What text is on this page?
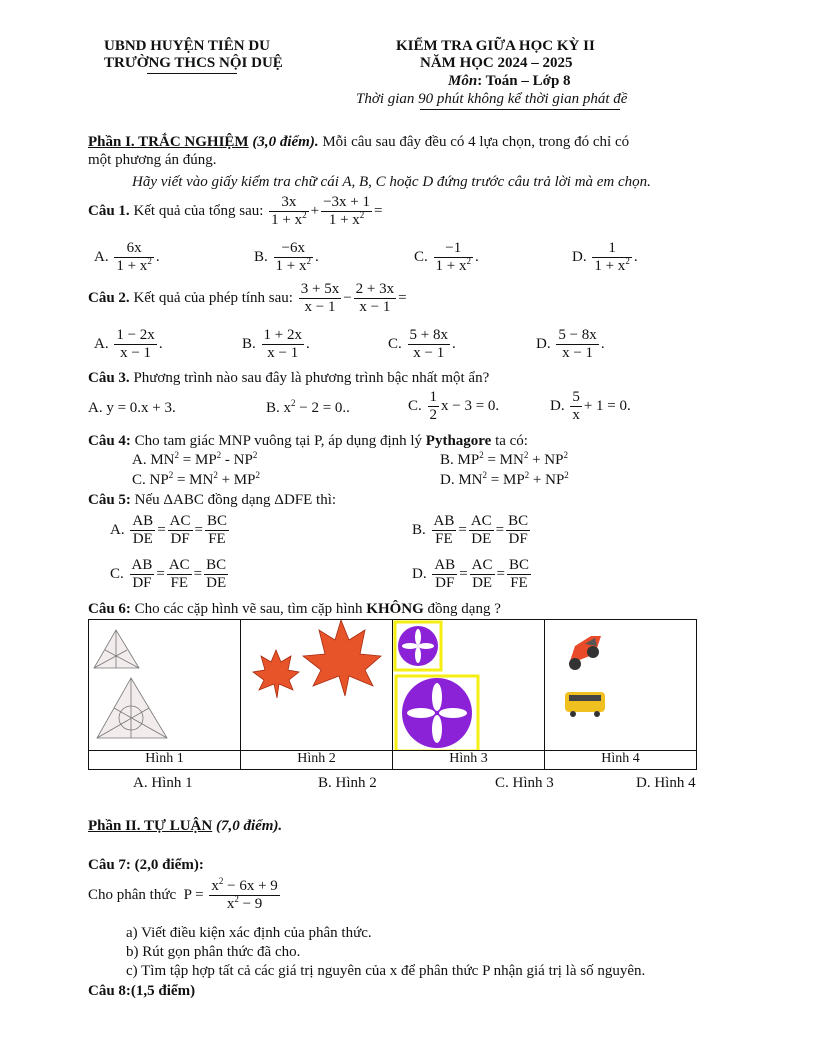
UBND HUYỆN TIÊN DU
TRƯỜNG THCS NỘI DUỆ
KIỂM TRA GIỮA HỌC KỲ II
NĂM HỌC 2024 – 2025
Môn: Toán – Lớp 8
Thời gian 90 phút không kể thời gian phát đề
Phần I. TRẮC NGHIỆM (3,0 điểm). Mỗi câu sau đây đều có 4 lựa chọn, trong đó chỉ có
một phương án đúng.
Hãy viết vào giấy kiểm tra chữ cái A, B, C hoặc D đứng trước câu trả lời mà em chọn.
Câu 1. Kết quả của tổng sau: $\frac{3x}{1 + x^2} + \frac{-3x + 1}{1 + x^2}$ =
A. $\frac{6x}{1 + x^2}$ .	B. $\frac{-6x}{1 + x^2}$ .	C. $\frac{-1}{1 + x^2}$ .	D. $\frac{1}{1 + x^2}$ .
Câu 2. Kết quả của phép tính sau: $\frac{3 + 5x}{x - 1} - \frac{2 + 3x}{x - 1}$ =
A. $\frac{1 - 2x}{x - 1}$ .	B. $\frac{1 + 2x}{x - 1}$ .	C. $\frac{5 + 8x}{x - 1}$ .	D. $\frac{5 - 8x}{x - 1}$ .
Câu 3. Phương trình nào sau đây là phương trình bậc nhất một ẩn?
A. y = 0.x + 3.	B. $x^2 - 2 = 0$..	C. $\frac{1}{2}$ x − 3 = 0.	D. $\frac{5}{x} + 1 = 0$.
Câu 4: Cho tam giác MNP vuông tại P, áp dụng định lý Pythagore ta có:
A. $MN^2 = MP^2 - NP^2$	B. $MP^2 = MN^2 + NP^2$
C. $NP^2 = MN^2 + MP^2$	D. $MN^2 = MP^2 + NP^2$
Câu 5: Nếu ΔABC đồng dạng ΔDFE thì:
A. $\frac{AB}{DE} = \frac{AC}{DF} = \frac{BC}{FE}$	B. $\frac{AB}{FE} = \frac{AC}{DE} = \frac{BC}{DF}$
C. $\frac{AB}{DF} = \frac{AC}{FE} = \frac{BC}{DE}$	D. $\frac{AB}{DF} = \frac{AC}{DE} = \frac{BC}{FE}$
Câu 6: Cho các cặp hình vẽ sau, tìm cặp hình KHÔNG đồng dạng ?

Hình 1	Hình 2	Hình 3	Hình 4
A. Hình 1	B. Hình 2	C. Hình 3	D. Hình 4
Phần II. TỰ LUẬN (7,0 điểm).
Câu 7: (2,0 điểm):
Cho phân thức $P = \frac{x^2 - 6x + 9}{x^2 - 9}$
a) Viết điều kiện xác định của phân thức.
b) Rút gọn phân thức đã cho.
c) Tìm tập hợp tất cả các giá trị nguyên của x để phân thức P nhận giá trị là số nguyên.
Câu 8:(1,5 điểm)
